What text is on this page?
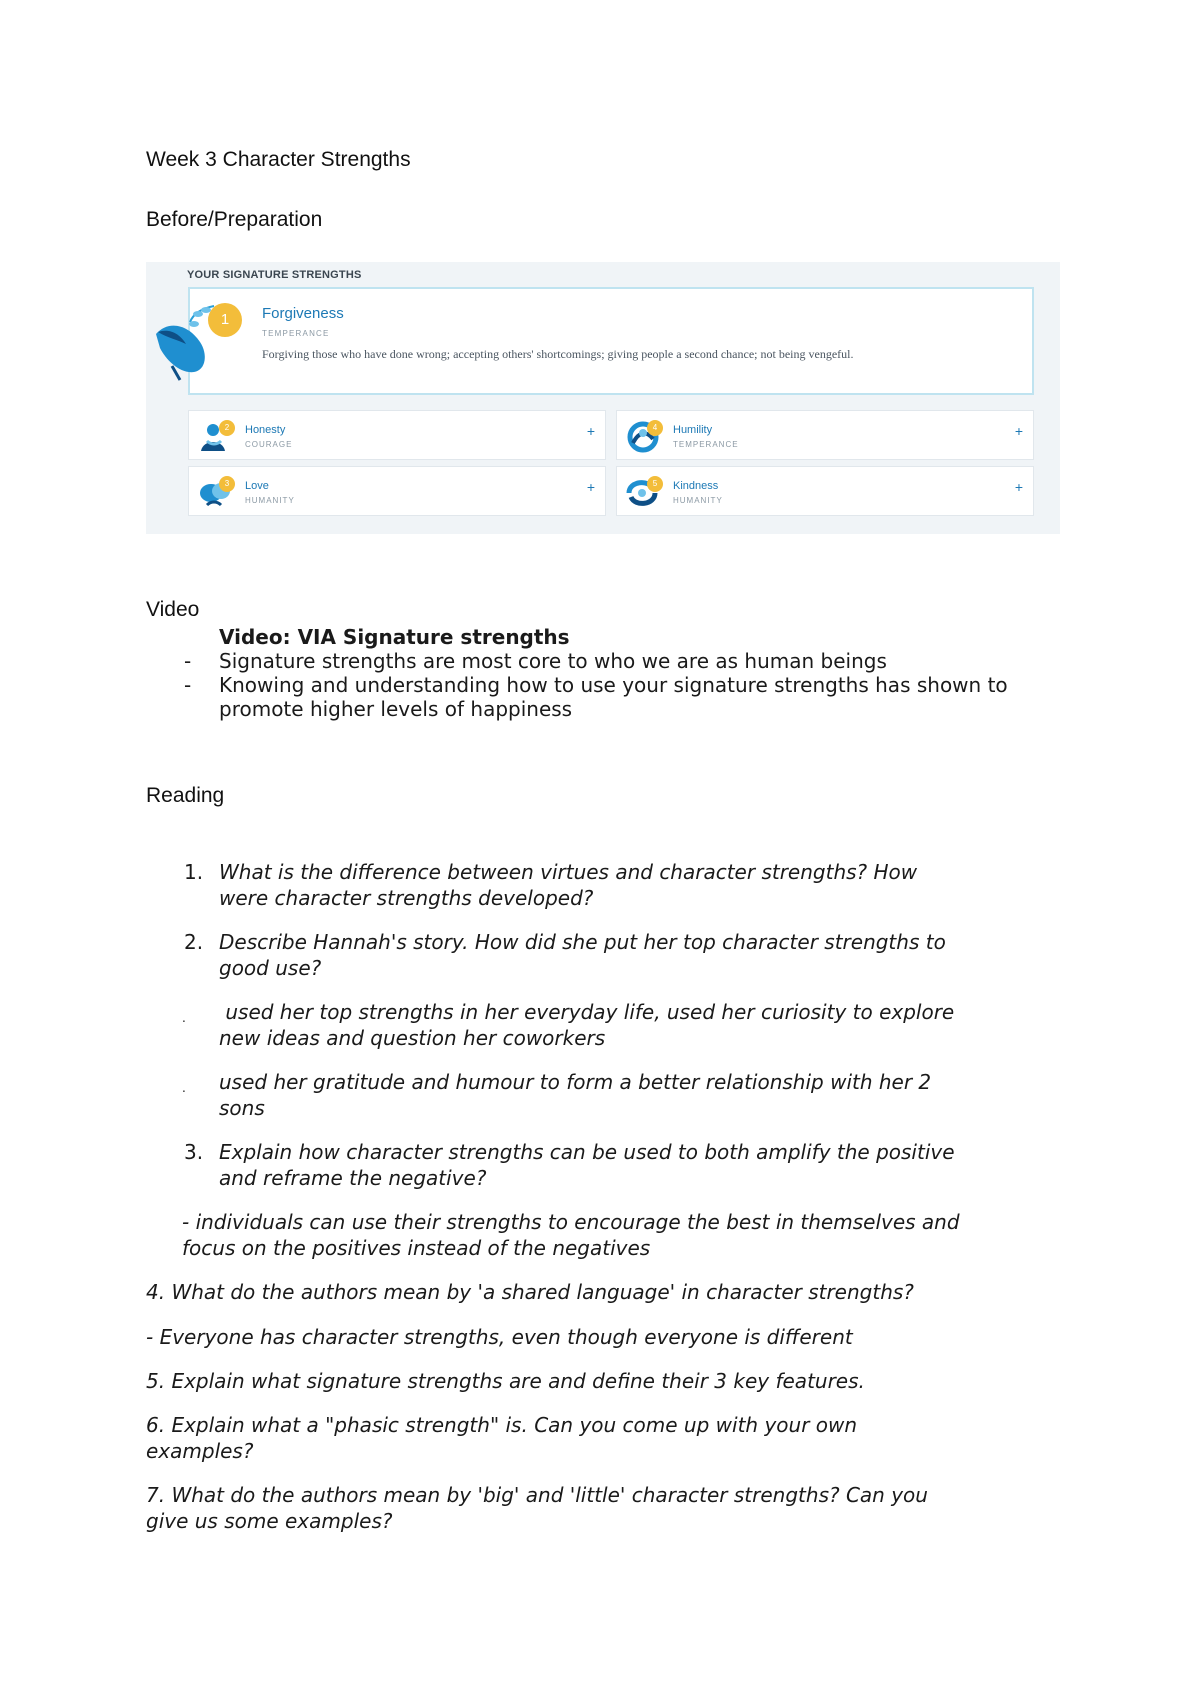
Week 3 Character Strengths
Before/Preparation
YOUR SIGNATURE STRENGTHS
1	Forgiveness
TEMPERANCE
Forgiving those who have done wrong; accepting others' shortcomings; giving people a second chance; not being vengeful.
2	Honesty
COURAGE
+	4	Humility
TEMPERANCE
+
3	Love
HUMANITY
+	5	Kindness
HUMANITY
+
Video
Video: VIA Signature strengths
- Signature strengths are most core to who we are as human beings
- Knowing and understanding how to use your signature strengths has shown to
promote higher levels of happiness
Reading
1. What is the difference between virtues and character strengths? How
were character strengths developed?
2. Describe Hannah's story. How did she put her top character strengths to
good use?
. used her top strengths in her everyday life, used her curiosity to explore
new ideas and question her coworkers
. used her gratitude and humour to form a better relationship with her 2
sons
3. Explain how character strengths can be used to both amplify the positive
and reframe the negative?
- individuals can use their strengths to encourage the best in themselves and
focus on the positives instead of the negatives
4. What do the authors mean by 'a shared language' in character strengths?
- Everyone has character strengths, even though everyone is different
5. Explain what signature strengths are and define their 3 key features.
6. Explain what a "phasic strength" is. Can you come up with your own
examples?
7. What do the authors mean by 'big' and 'little' character strengths? Can you
give us some examples?
